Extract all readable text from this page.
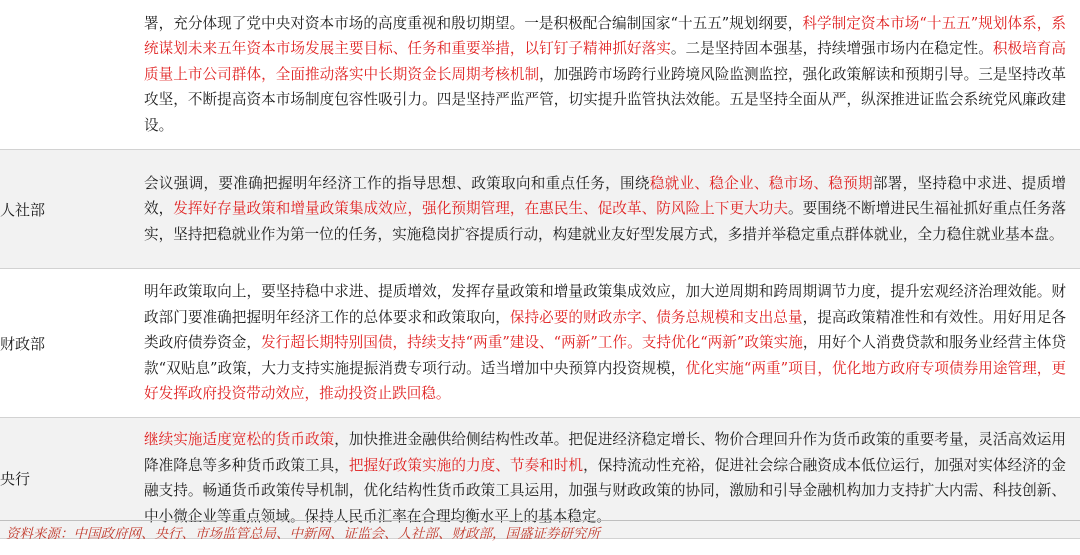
	署，充分体现了党中央对资本市场的高度重视和殷切期望。一是积极配合编制国家“十五五”规划纲要，科学制定资本市场“十五五”规划体系，系统谋划未来五年资本市场发展主要目标、任务和重要举措，以钉钉子精神抓好落实。二是坚持固本强基，持续增强市场内在稳定性。积极培育高质量上市公司群体，全面推动落实中长期资金长周期考核机制，加强跨市场跨行业跨境风险监测监控，强化政策解读和预期引导。三是坚持改革攻坚，不断提高资本市场制度包容性吸引力。四是坚持严监严管，切实提升监管执法效能。五是坚持全面从严，纵深推进证监会系统党风廉政建设。
人社部	会议强调，要准确把握明年经济工作的指导思想、政策取向和重点任务，围绕稳就业、稳企业、稳市场、稳预期部署，坚持稳中求进、提质增效，发挥好存量政策和增量政策集成效应，强化预期管理，在惠民生、促改革、防风险上下更大功夫。要围绕不断增进民生福祉抓好重点任务落实，坚持把稳就业作为第一位的任务，实施稳岗扩容提质行动，构建就业友好型发展方式，多措并举稳定重点群体就业，全力稳住就业基本盘。
财政部	明年政策取向上，要坚持稳中求进、提质增效，发挥存量政策和增量政策集成效应，加大逆周期和跨周期调节力度，提升宏观经济治理效能。财政部门要准确把握明年经济工作的总体要求和政策取向，保持必要的财政赤字、债务总规模和支出总量，提高政策精准性和有效性。用好用足各类政府债券资金，发行超长期特别国债，持续支持“两重”建设、“两新”工作。支持优化“两新”政策实施，用好个人消费贷款和服务业经营主体贷款“双贴息”政策，大力支持实施提振消费专项行动。适当增加中央预算内投资规模，优化实施“两重”项目，优化地方政府专项债券用途管理，更好发挥政府投资带动效应，推动投资止跌回稳。
央行	继续实施适度宽松的货币政策，加快推进金融供给侧结构性改革。把促进经济稳定增长、物价合理回升作为货币政策的重要考量，灵活高效运用降准降息等多种货币政策工具，把握好政策实施的力度、节奏和时机，保持流动性充裕，促进社会综合融资成本低位运行，加强对实体经济的金融支持。畅通货币政策传导机制，优化结构性货币政策工具运用，加强与财政政策的协同，激励和引导金融机构加力支持扩大内需、科技创新、中小微企业等重点领域。保持人民币汇率在合理均衡水平上的基本稳定。
资料来源：中国政府网、央行、市场监管总局、中新网、证监会、人社部、财政部，国盛证券研究所
